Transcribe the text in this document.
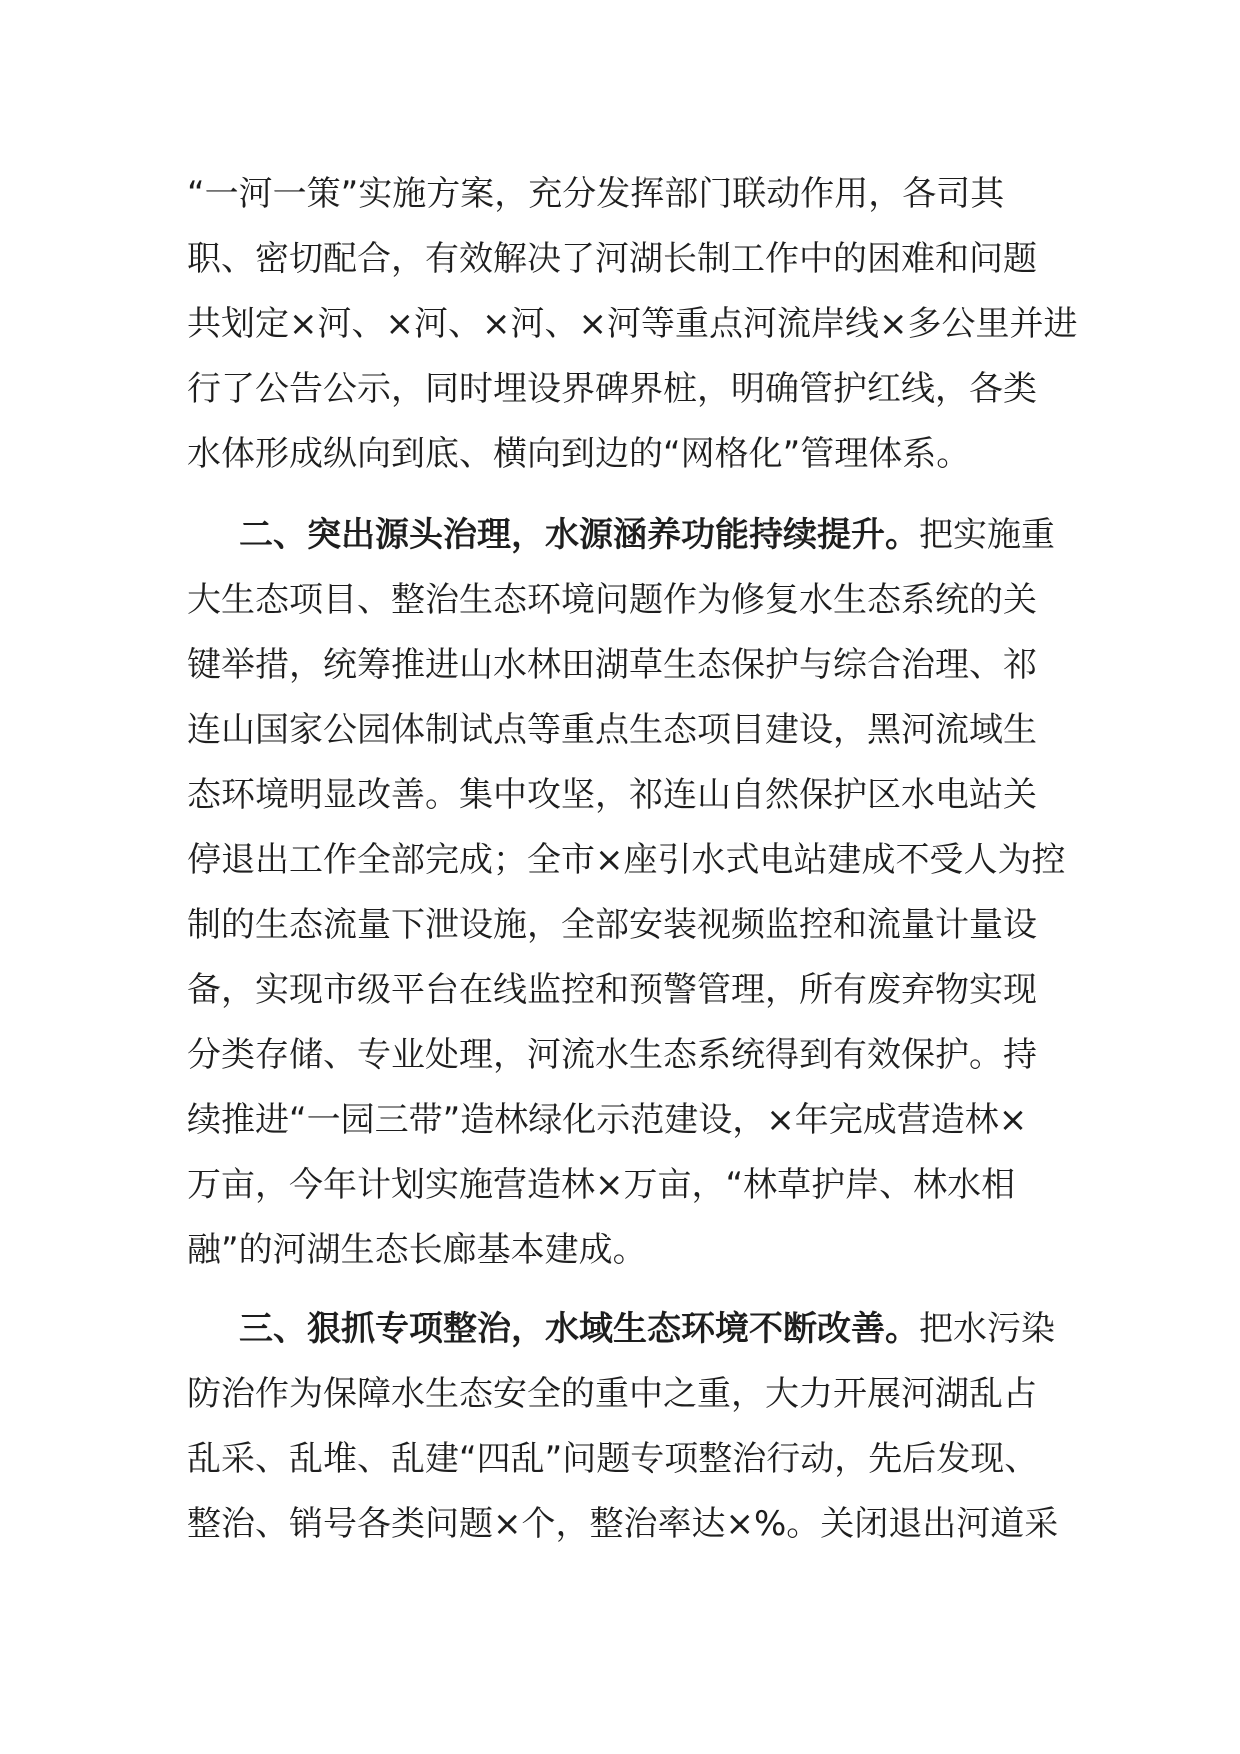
“一河一策”实施方案，充分发挥部门联动作用，各司其
职、密切配合，有效解决了河湖长制工作中的困难和问题
共划定×河、×河、×河、×河等重点河流岸线×多公里并进
行了公告公示，同时埋设界碑界桩，明确管护红线，各类
水体形成纵向到底、横向到边的“网格化”管理体系。
二、突出源头治理，水源涵养功能持续提升。把实施重
大生态项目、整治生态环境问题作为修复水生态系统的关
键举措，统筹推进山水林田湖草生态保护与综合治理、祁
连山国家公园体制试点等重点生态项目建设，黑河流域生
态环境明显改善。集中攻坚，祁连山自然保护区水电站关
停退出工作全部完成；全市×座引水式电站建成不受人为控
制的生态流量下泄设施，全部安装视频监控和流量计量设
备，实现市级平台在线监控和预警管理，所有废弃物实现
分类存储、专业处理，河流水生态系统得到有效保护。持
续推进“一园三带”造林绿化示范建设，×年完成营造林×
万亩，今年计划实施营造林×万亩，“林草护岸、林水相
融”的河湖生态长廊基本建成。
三、狠抓专项整治，水域生态环境不断改善。把水污染
防治作为保障水生态安全的重中之重，大力开展河湖乱占
乱采、乱堆、乱建“四乱”问题专项整治行动，先后发现、
整治、销号各类问题×个，整治率达×%。关闭退出河道采
